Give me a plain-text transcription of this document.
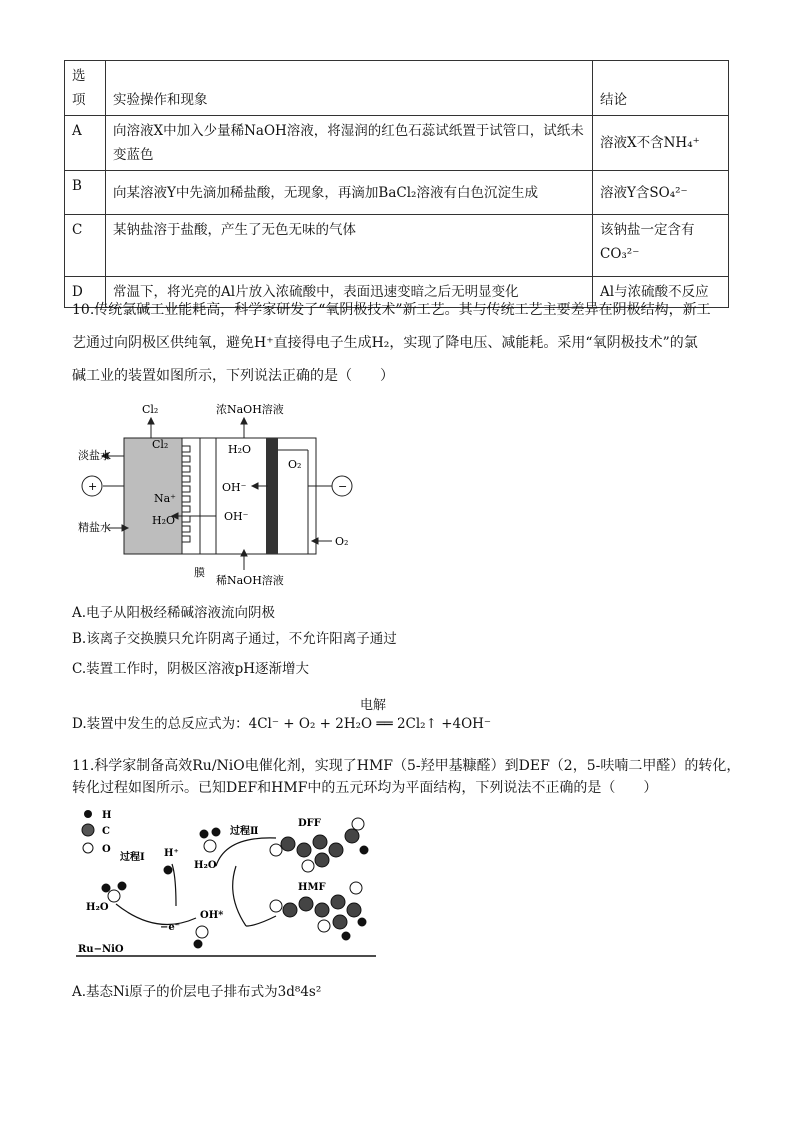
选
项	实验操作和现象	结论
A	向溶液X中加入少量稀NaOH溶液，将湿润的红色石蕊试纸置于试管口，试纸未变蓝色	溶液X不含NH₄⁺
B	向某溶液Y中先滴加稀盐酸，无现象，再滴加BaCl₂溶液有白色沉淀生成	溶液Y含SO₄²⁻
C	某钠盐溶于盐酸，产生了无色无味的气体	该钠盐一定含有CO₃²⁻
D	常温下，将光亮的Al片放入浓硫酸中，表面迅速变暗之后无明显变化	Al与浓硫酸不反应
10.传统氯碱工业能耗高，科学家研发了“氧阴极技术”新工艺。其与传统工艺主要差异在阴极结构，新工
艺通过向阴极区供纯氧，避免H⁺直接得电子生成H₂，实现了降电压、减能耗。采用“氧阴极技术”的氯
碱工业的装置如图所示，下列说法正确的是（　　）
Cl₂	浓NaOH溶液
淡盐水
Cl₂	H₂O
O₂
+	−
OH⁻
Na⁺
H₂O	OH⁻
精盐水
O₂
膜
稀NaOH溶液
A.电子从阳极经稀碱溶液流向阴极
B.该离子交换膜只允许阴离子通过，不允许阳离子通过
C.装置工作时，阴极区溶液pH逐渐增大
电解
D.装置中发生的总反应式为：4Cl⁻ + O₂ + 2H₂O ══ 2Cl₂↑ +4OH⁻
11.科学家制备高效Ru/NiO电催化剂，实现了HMF（5-羟甲基糠醛）到DEF（2，5-呋喃二甲醛）的转化，
转化过程如图所示。已知DEF和HMF中的五元环均为平面结构，下列说法不正确的是（　　）
H
C
O
过程Ⅰ H⁺
过程Ⅱ
DFF
HMF
H₂O
H₂O
−e⁻
OH*
Ru−NiO
A.基态Ni原子的价层电子排布式为3d⁸4s²
